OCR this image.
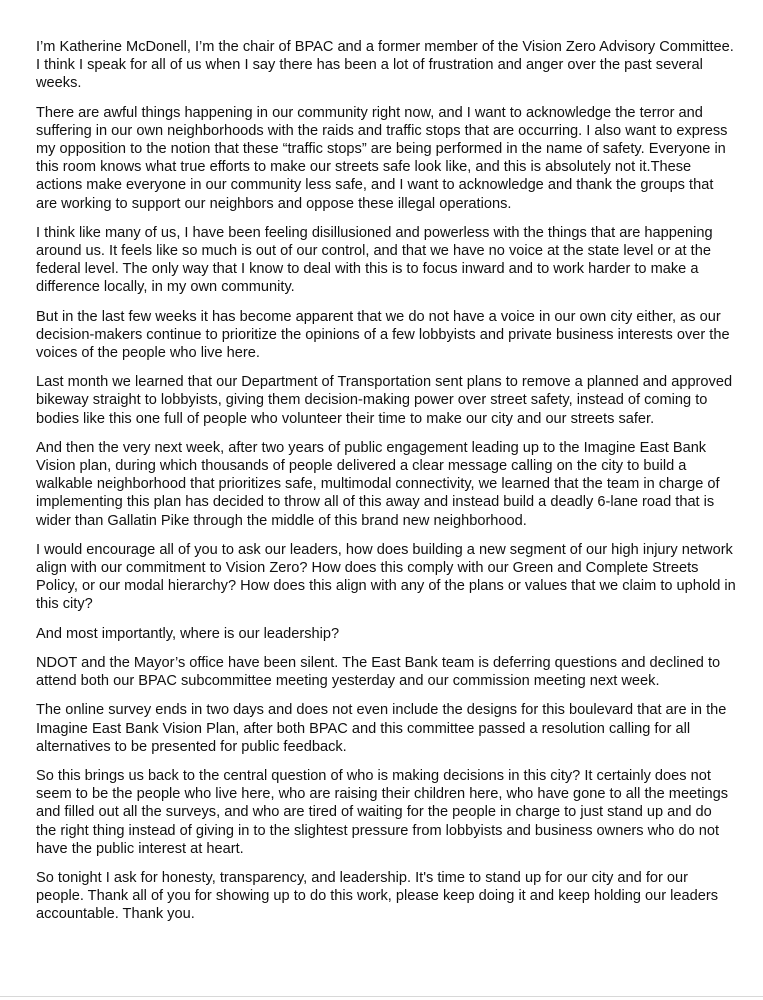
I’m Katherine McDonell, I’m the chair of BPAC and a former member of the Vision Zero Advisory Committee. I think I speak for all of us when I say there has been a lot of frustration and anger over the past several weeks.

There are awful things happening in our community right now, and I want to acknowledge the terror and suffering in our own neighborhoods with the raids and traffic stops that are occurring. I also want to express my opposition to the notion that these “traffic stops” are being performed in the name of safety. Everyone in this room knows what true efforts to make our streets safe look like, and this is absolutely not it.These actions make everyone in our community less safe, and I want to acknowledge and thank the groups that are working to support our neighbors and oppose these illegal operations.

I think like many of us, I have been feeling disillusioned and powerless with the things that are happening around us. It feels like so much is out of our control, and that we have no voice at the state level or at the federal level. The only way that I know to deal with this is to focus inward and to work harder to make a difference locally, in my own community.

But in the last few weeks it has become apparent that we do not have a voice in our own city either, as our decision-makers continue to prioritize the opinions of a few lobbyists and private business interests over the voices of the people who live here.

Last month we learned that our Department of Transportation sent plans to remove a planned and approved bikeway straight to lobbyists, giving them decision-making power over street safety, instead of coming to bodies like this one full of people who volunteer their time to make our city and our streets safer.

And then the very next week, after two years of public engagement leading up to the Imagine East Bank Vision plan, during which thousands of people delivered a clear message calling on the city to build a walkable neighborhood that prioritizes safe, multimodal connectivity, we learned that the team in charge of implementing this plan has decided to throw all of this away and instead build a deadly 6-lane road that is wider than Gallatin Pike through the middle of this brand new neighborhood.

I would encourage all of you to ask our leaders, how does building a new segment of our high injury network align with our commitment to Vision Zero? How does this comply with our Green and Complete Streets Policy, or our modal hierarchy? How does this align with any of the plans or values that we claim to uphold in this city?

And most importantly, where is our leadership?

NDOT and the Mayor’s office have been silent. The East Bank team is deferring questions and declined to attend both our BPAC subcommittee meeting yesterday and our commission meeting next week.

The online survey ends in two days and does not even include the designs for this boulevard that are in the Imagine East Bank Vision Plan, after both BPAC and this committee passed a resolution calling for all alternatives to be presented for public feedback.

So this brings us back to the central question of who is making decisions in this city? It certainly does not seem to be the people who live here, who are raising their children here, who have gone to all the meetings and filled out all the surveys, and who are tired of waiting for the people in charge to just stand up and do the right thing instead of giving in to the slightest pressure from lobbyists and business owners who do not have the public interest at heart.

So tonight I ask for honesty, transparency, and leadership. It's time to stand up for our city and for our people. Thank all of you for showing up to do this work, please keep doing it and keep holding our leaders accountable. Thank you.
